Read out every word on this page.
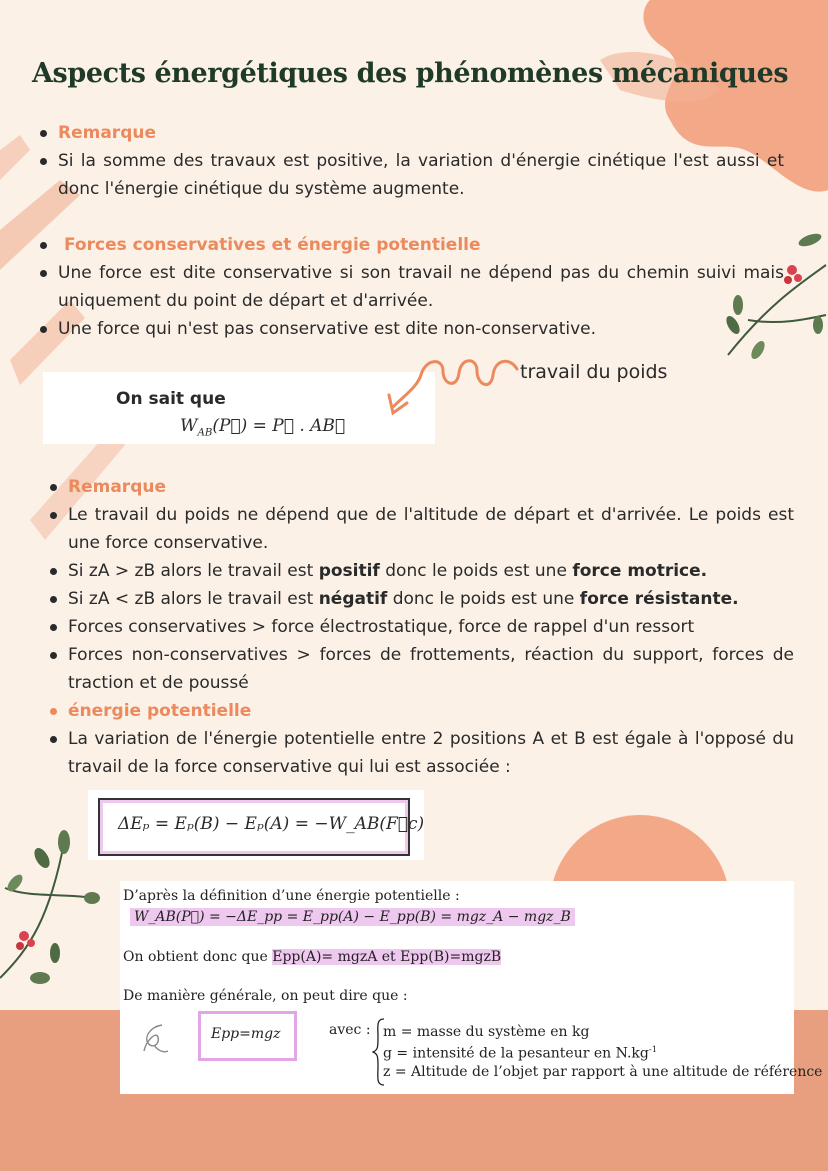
Aspects énergétiques des phénomènes mécaniques
Remarque
Si la somme des travaux est positive, la variation d'énergie cinétique l'est aussi et donc l'énergie cinétique du système augmente.
Forces conservatives et énergie potentielle
Une force est dite conservative si son travail ne dépend pas du chemin suivi mais uniquement du point de départ et d'arrivée.
Une force qui n'est pas conservative est dite non-conservative.
On sait que
$W_{AB}(P⃗)$ = P⃗ . AB⃗
travail du poids
Remarque
Le travail du poids ne dépend que de l'altitude de départ et d'arrivée. Le poids est une force conservative.
Si zA > zB alors le travail est positif donc le poids est une force motrice.
Si zA < zB alors le travail est négatif donc le poids est une force résistante.
Forces conservatives > force électrostatique, force de rappel d'un ressort
Forces non-conservatives > forces de frottements, réaction du support, forces de traction et de poussé
énergie potentielle
La variation de l'énergie potentielle entre 2 positions A et B est égale à l'opposé du travail de la force conservative qui lui est associée :
ΔEₚ = Eₚ(B) − Eₚ(A) = −W_AB(F⃗c)
D’après la définition d’une énergie potentielle :
W_AB(P⃗) = −ΔE_pp = E_pp(A) − E_pp(B) = mgz_A − mgz_B
On obtient donc que Epp(A)= mgzA et Epp(B)=mgzB
De manière générale, on peut dire que :
Epp=mgz	avec : m = masse du système en kg
g = intensité de la pesanteur en $N.kg^{-1}$
z = Altitude de l’objet par rapport à une altitude de référence
